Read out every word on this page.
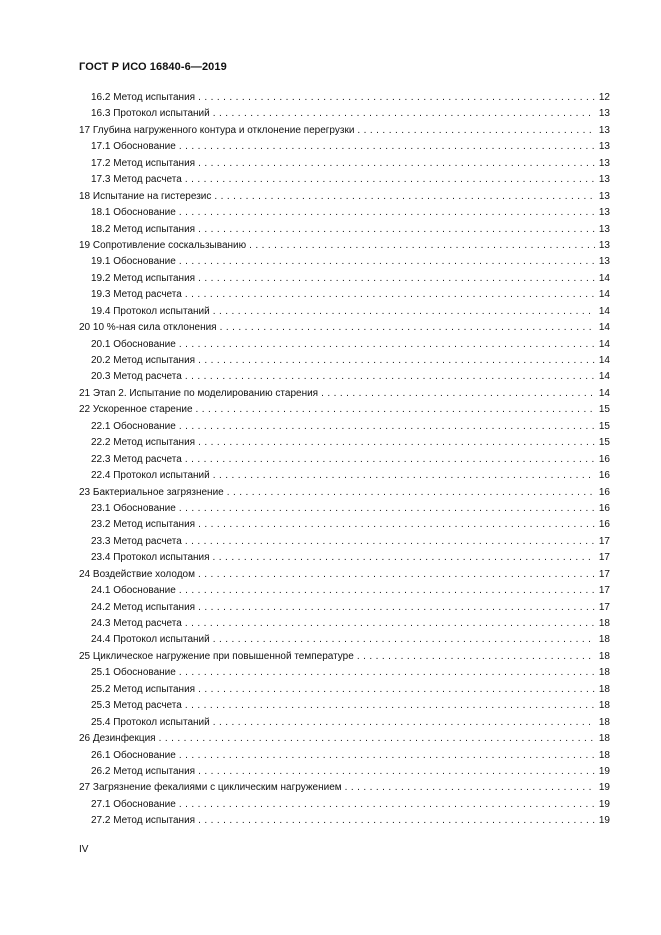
ГОСТ Р ИСО 16840-6—2019
16.2 Метод испытания . . .	12
16.3 Протокол испытаний . . .	13
17 Глубина нагруженного контура и отклонение перегрузки . . .	13
17.1 Обоснование . . .	13
17.2 Метод испытания . . .	13
17.3 Метод расчета . . .	13
18 Испытание на гистерезис . . .	13
18.1 Обоснование . . .	13
18.2 Метод испытания . . .	13
19 Сопротивление соскальзыванию . . .	13
19.1 Обоснование . . .	13
19.2 Метод испытания . . .	14
19.3 Метод расчета . . .	14
19.4 Протокол испытаний . . .	14
20 10 %-ная сила отклонения . . .	14
20.1 Обоснование . . .	14
20.2 Метод испытания . . .	14
20.3 Метод расчета . . .	14
21 Этап 2. Испытание по моделированию старения . . .	14
22 Ускоренное старение . . .	15
22.1 Обоснование . . .	15
22.2 Метод испытания . . .	15
22.3 Метод расчета . . .	16
22.4 Протокол испытаний . . .	16
23 Бактериальное загрязнение . . .	16
23.1 Обоснование . . .	16
23.2 Метод испытания . . .	16
23.3 Метод расчета . . .	17
23.4 Протокол испытания . . .	17
24 Воздействие холодом . . .	17
24.1 Обоснование . . .	17
24.2 Метод испытания . . .	17
24.3 Метод расчета . . .	18
24.4 Протокол испытаний . . .	18
25 Циклическое нагружение при повышенной температуре . . .	18
25.1 Обоснование . . .	18
25.2 Метод испытания . . .	18
25.3 Метод расчета . . .	18
25.4 Протокол испытаний . . .	18
26 Дезинфекция . . .	18
26.1 Обоснование . . .	18
26.2 Метод испытания . . .	19
27 Загрязнение фекалиями с циклическим нагружением . . .	19
27.1 Обоснование . . .	19
27.2 Метод испытания . . .	19
IV
